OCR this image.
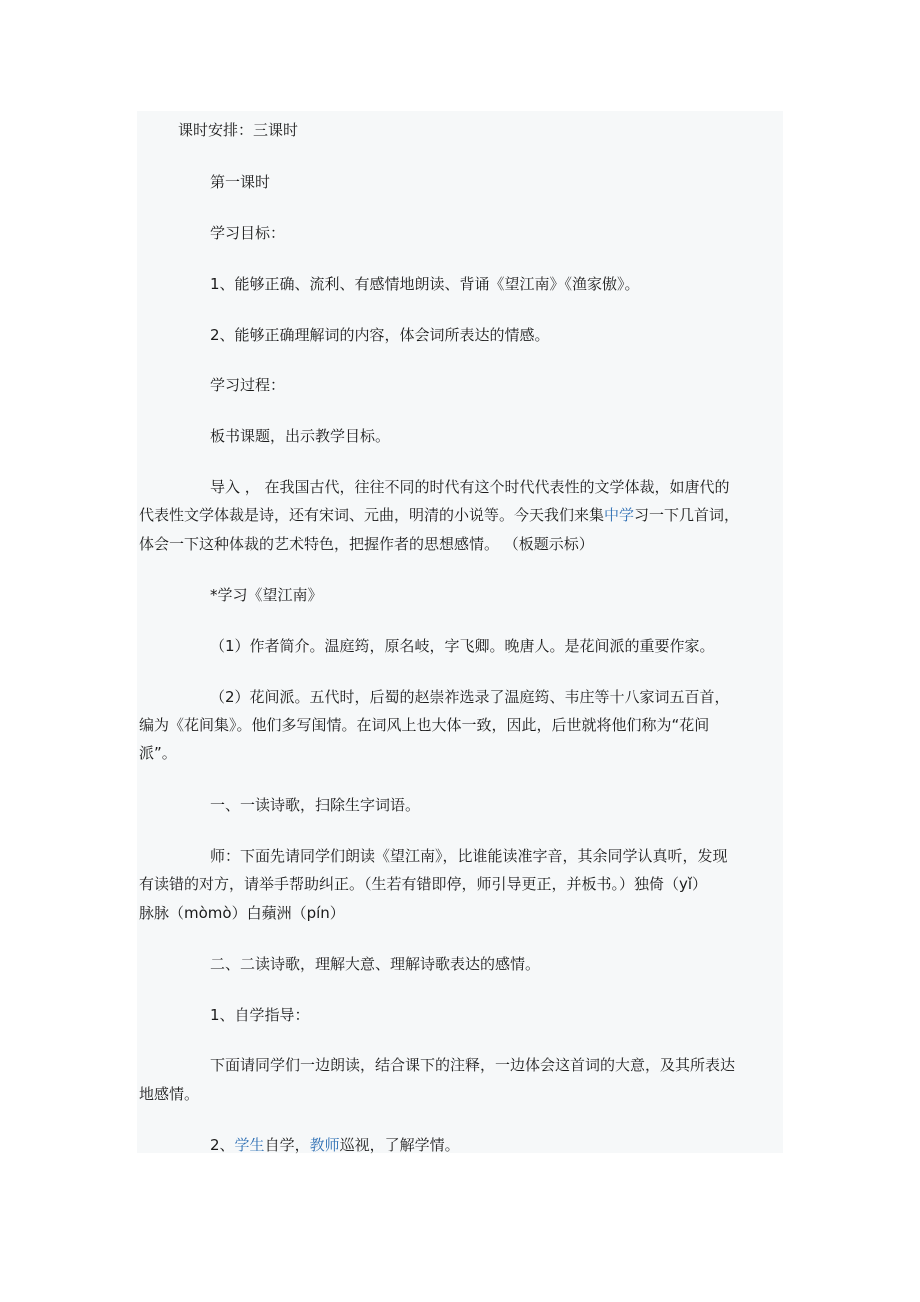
课时安排：三课时
第一课时
学习目标：
1、能够正确、流利、有感情地朗读、背诵《望江南》《渔家傲》。
2、能够正确理解词的内容，体会词所表达的情感。
学习过程：
板书课题，出示教学目标。
导入 ， 在我国古代，往往不同的时代有这个时代代表性的文学体裁，如唐代的
代表性文学体裁是诗，还有宋词、元曲，明清的小说等。今天我们来集中学习一下几首词，
体会一下这种体裁的艺术特色，把握作者的思想感情。 （板题示标）
*学习《望江南》
（1）作者简介。温庭筠，原名岐，字飞卿。晚唐人。是花间派的重要作家。
（2）花间派。五代时，后蜀的赵崇祚选录了温庭筠、韦庄等十八家词五百首，
编为《花间集》。他们多写闺情。在词风上也大体一致，因此，后世就将他们称为“花间
派”。
一、一读诗歌，扫除生字词语。
师：下面先请同学们朗读《望江南》，比谁能读准字音，其余同学认真听，发现
有读错的对方，请举手帮助纠正。（生若有错即停，师引导更正，并板书。）独倚（yǐ）
脉脉（mòmò）白蘋洲（pín）
二、二读诗歌，理解大意、理解诗歌表达的感情。
1、自学指导：
下面请同学们一边朗读，结合课下的注释，一边体会这首词的大意，及其所表达
地感情。
2、学生自学，教师巡视，了解学情。
